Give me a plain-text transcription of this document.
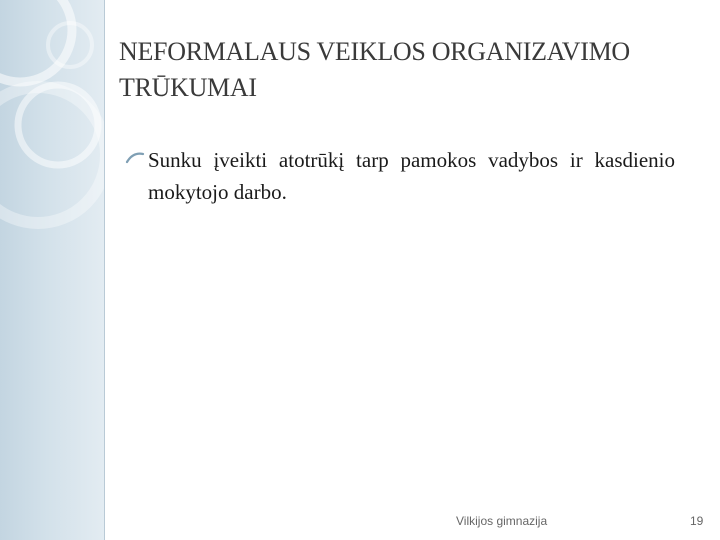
NEFORMALAUS VEIKLOS ORGANIZAVIMO
TRŪKUMAI
Sunku įveikti atotrūkį tarp pamokos vadybos ir kasdienio mokytojo darbo.
Vilkijos gimnazija	19
